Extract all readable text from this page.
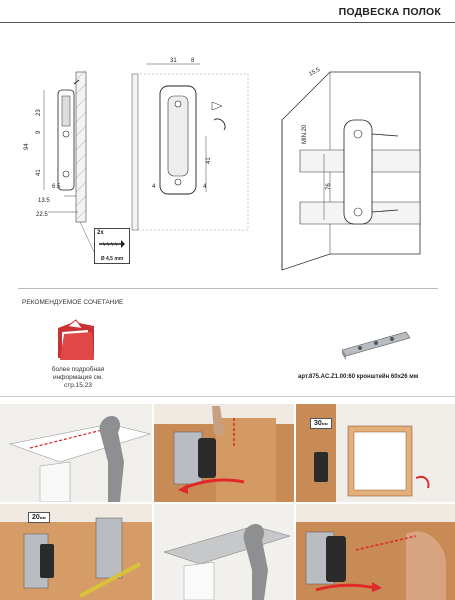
ПОДВЕСКА ПОЛОК
23
9
94
41
6.5
13.5
22.5
31 8
41
4	4
15.5
MIN.20
76
2x
Ø 4,5 mm
РЕКОМЕНДУЕМОЕ СОЧЕТАНИЕ
более подробная информация см. стр.15.23
арт.875.AC.Z1.00:60 кронштейн 60x26 мм
30мм
20мм
